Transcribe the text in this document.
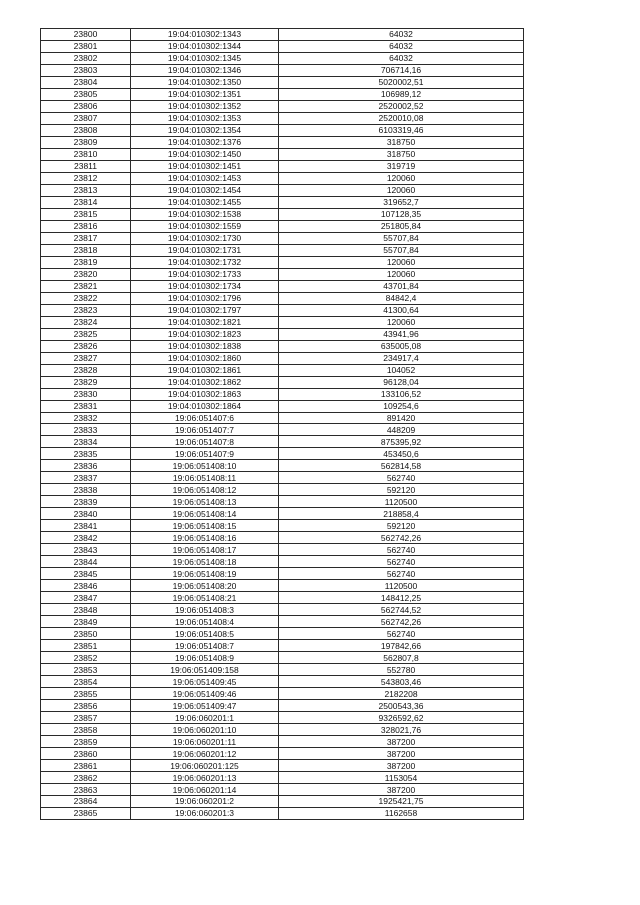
23800	19:04:010302:1343	64032
23801	19:04:010302:1344	64032
23802	19:04:010302:1345	64032
23803	19:04:010302:1346	706714,16
23804	19:04:010302:1350	5020002,51
23805	19:04:010302:1351	106989,12
23806	19:04:010302:1352	2520002,52
23807	19:04:010302:1353	2520010,08
23808	19:04:010302:1354	6103319,46
23809	19:04:010302:1376	318750
23810	19:04:010302:1450	318750
23811	19:04:010302:1451	319719
23812	19:04:010302:1453	120060
23813	19:04:010302:1454	120060
23814	19:04:010302:1455	319652,7
23815	19:04:010302:1538	107128,35
23816	19:04:010302:1559	251805,84
23817	19:04:010302:1730	55707,84
23818	19:04:010302:1731	55707,84
23819	19:04:010302:1732	120060
23820	19:04:010302:1733	120060
23821	19:04:010302:1734	43701,84
23822	19:04:010302:1796	84842,4
23823	19:04:010302:1797	41300,64
23824	19:04:010302:1821	120060
23825	19:04:010302:1823	43941,96
23826	19:04:010302:1838	635005,08
23827	19:04:010302:1860	234917,4
23828	19:04:010302:1861	104052
23829	19:04:010302:1862	96128,04
23830	19:04:010302:1863	133106,52
23831	19:04:010302:1864	109254,6
23832	19:06:051407:6	891420
23833	19:06:051407:7	448209
23834	19:06:051407:8	875395,92
23835	19:06:051407:9	453450,6
23836	19:06:051408:10	562814,58
23837	19:06:051408:11	562740
23838	19:06:051408:12	592120
23839	19:06:051408:13	1120500
23840	19:06:051408:14	218858,4
23841	19:06:051408:15	592120
23842	19:06:051408:16	562742,26
23843	19:06:051408:17	562740
23844	19:06:051408:18	562740
23845	19:06:051408:19	562740
23846	19:06:051408:20	1120500
23847	19:06:051408:21	148412,25
23848	19:06:051408:3	562744,52
23849	19:06:051408:4	562742,26
23850	19:06:051408:5	562740
23851	19:06:051408:7	197842,66
23852	19:06:051408:9	562807,8
23853	19:06:051409:158	552780
23854	19:06:051409:45	543803,46
23855	19:06:051409:46	2182208
23856	19:06:051409:47	2500543,36
23857	19:06:060201:1	9326592,62
23858	19:06:060201:10	328021,76
23859	19:06:060201:11	387200
23860	19:06:060201:12	387200
23861	19:06:060201:125	387200
23862	19:06:060201:13	1153054
23863	19:06:060201:14	387200
23864	19:06:060201:2	1925421,75
23865	19:06:060201:3	1162658
